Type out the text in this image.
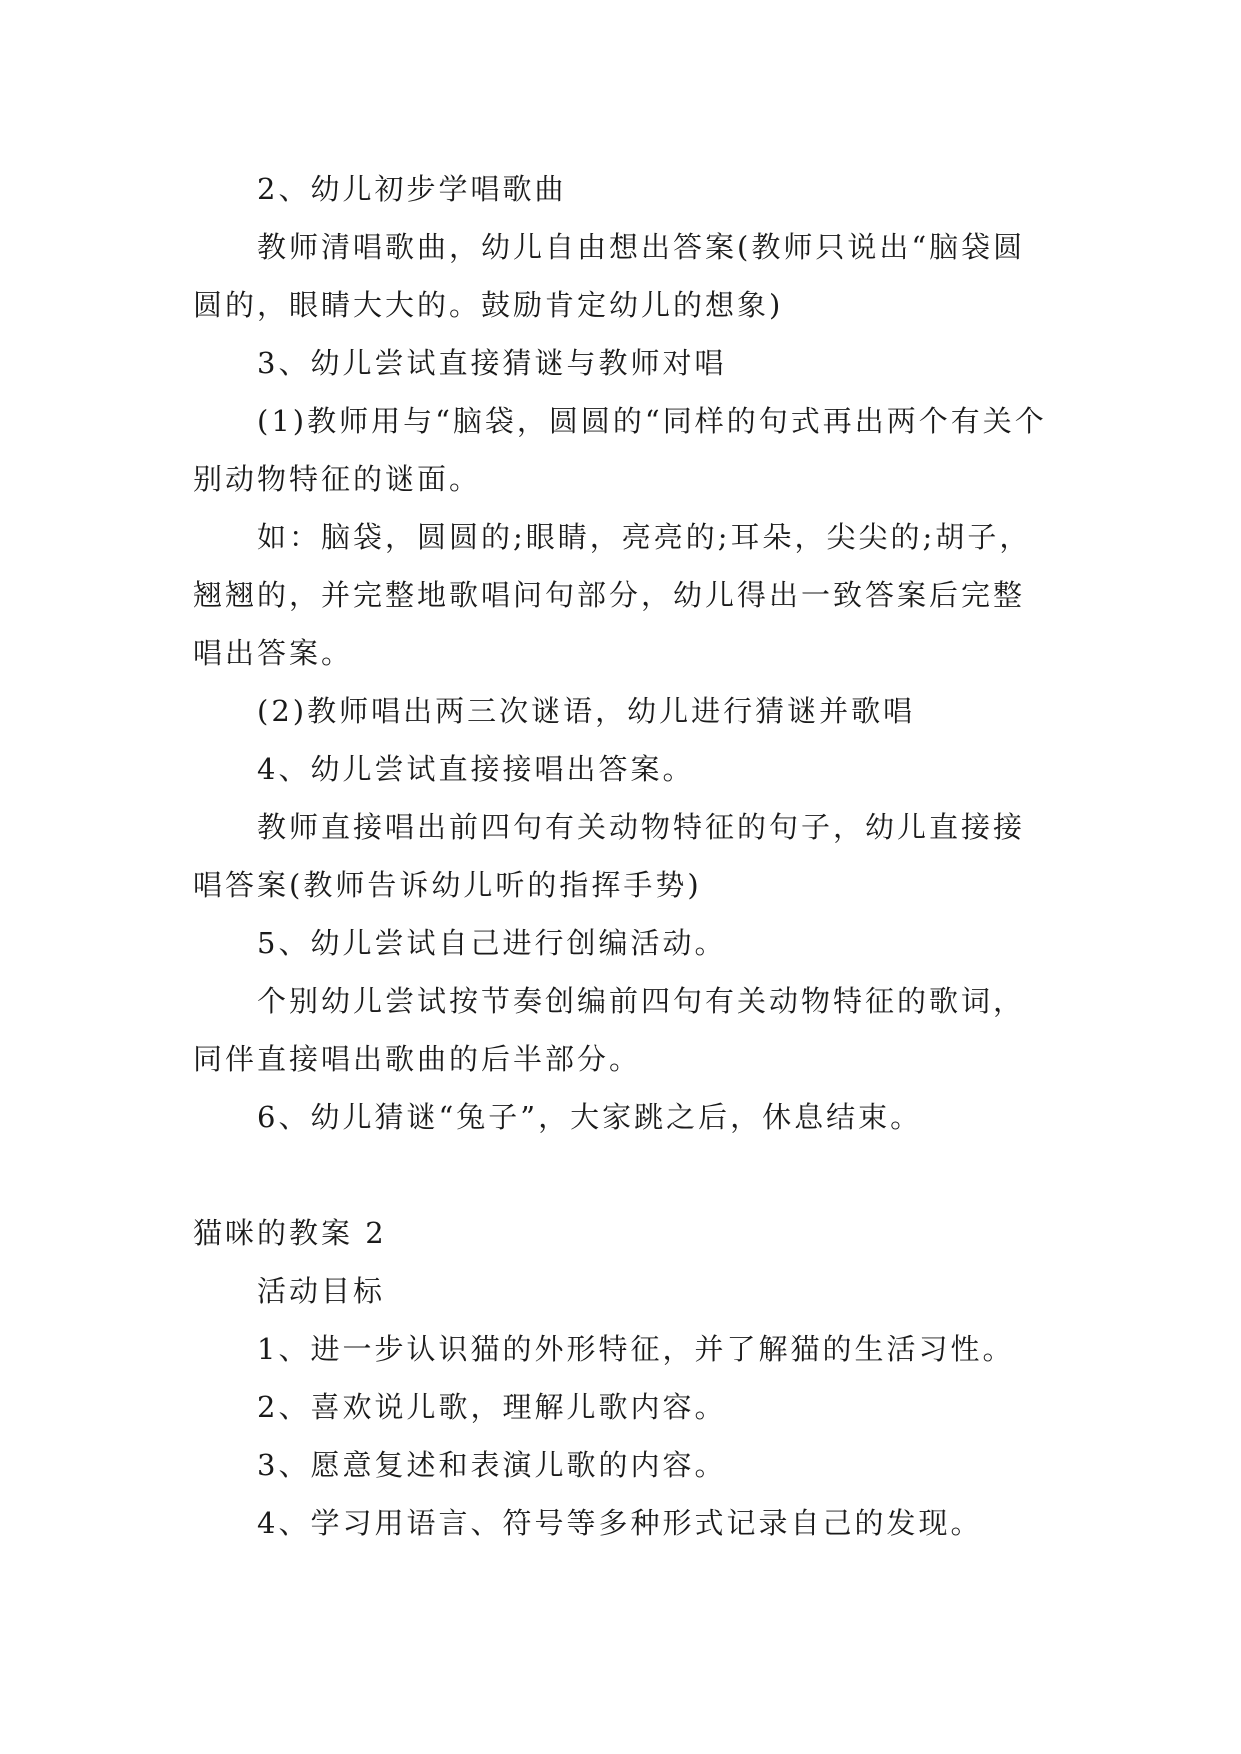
2、幼儿初步学唱歌曲

教师清唱歌曲，幼儿自由想出答案(教师只说出“脑袋圆圆的，眼睛大大的。鼓励肯定幼儿的想象)

3、幼儿尝试直接猜谜与教师对唱

(1)教师用与“脑袋，圆圆的“同样的句式再出两个有关个别动物特征的谜面。

如：脑袋，圆圆的;眼睛，亮亮的;耳朵，尖尖的;胡子，翘翘的，并完整地歌唱问句部分，幼儿得出一致答案后完整唱出答案。

(2)教师唱出两三次谜语，幼儿进行猜谜并歌唱

4、幼儿尝试直接接唱出答案。

教师直接唱出前四句有关动物特征的句子，幼儿直接接唱答案(教师告诉幼儿听的指挥手势)

5、幼儿尝试自己进行创编活动。

个别幼儿尝试按节奏创编前四句有关动物特征的歌词，同伴直接唱出歌曲的后半部分。

6、幼儿猜谜“兔子”，大家跳之后，休息结束。

猫咪的教案 2

活动目标

1、进一步认识猫的外形特征，并了解猫的生活习性。

2、喜欢说儿歌，理解儿歌内容。

3、愿意复述和表演儿歌的内容。

4、学习用语言、符号等多种形式记录自己的发现。
